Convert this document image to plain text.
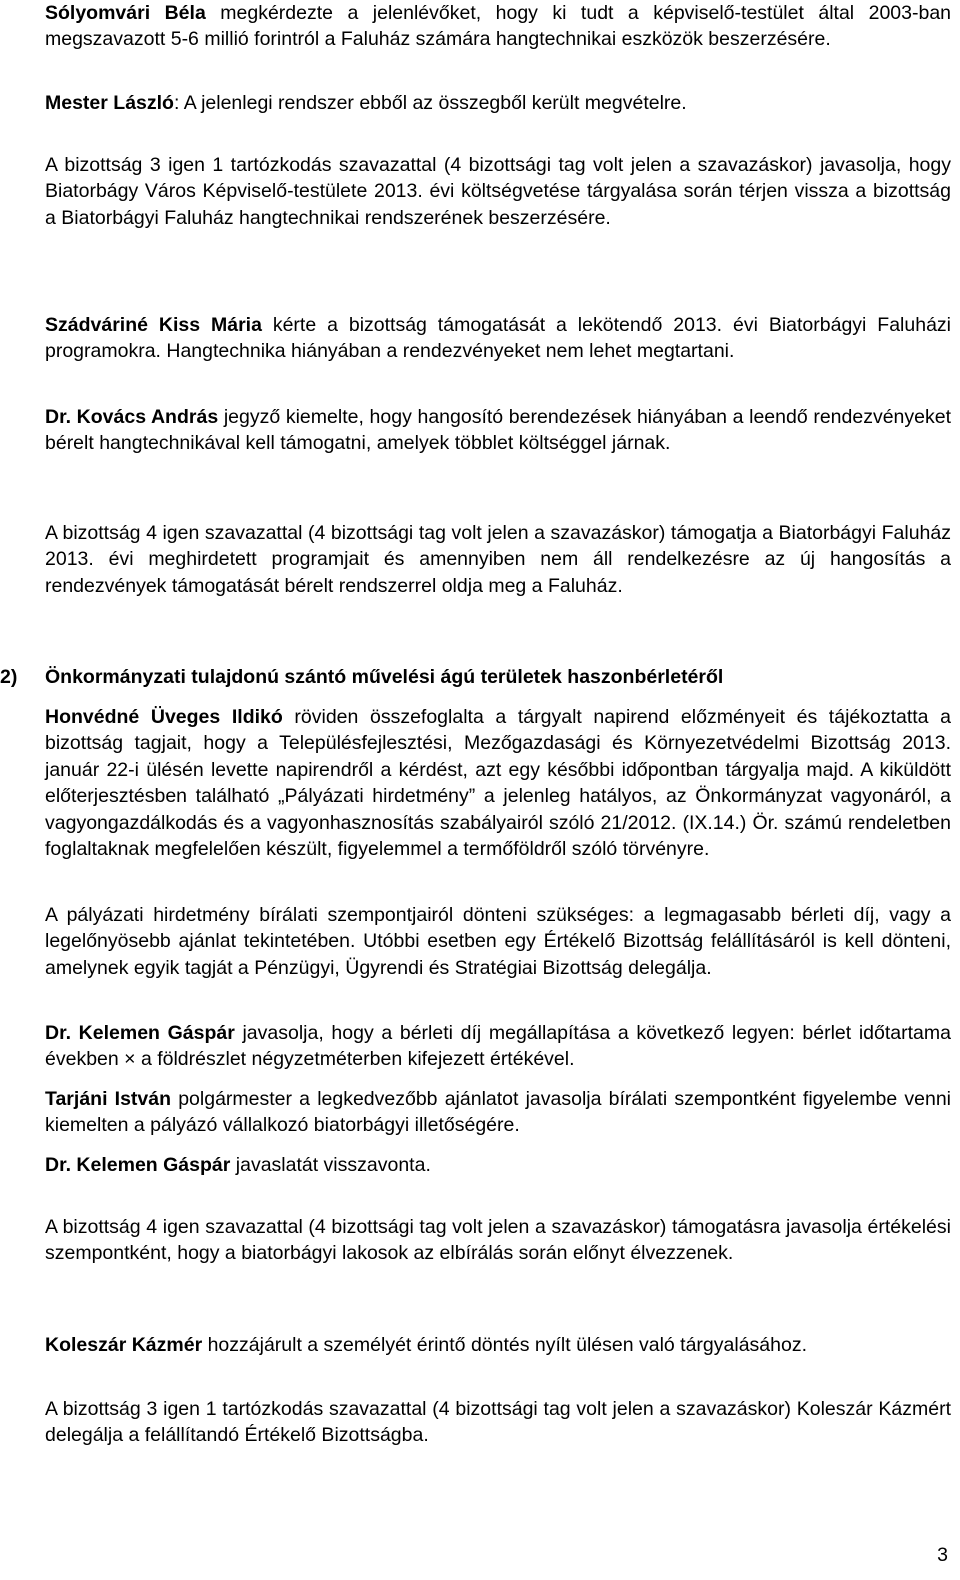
Sólyomvári Béla megkérdezte a jelenlévőket, hogy ki tudt a képviselő-testület által 2003-ban megszavazott 5-6 millió forintról a Faluház számára hangtechnikai eszközök beszerzésére.

Mester László: A jelenlegi rendszer ebből az összegből került megvételre.

A bizottság 3 igen 1 tartózkodás szavazattal (4 bizottsági tag volt jelen a szavazáskor) javasolja, hogy Biatorbágy Város Képviselő-testülete 2013. évi költségvetése tárgyalása során térjen vissza a bizottság a Biatorbágyi Faluház hangtechnikai rendszerének beszerzésére.

Szádváriné Kiss Mária kérte a bizottság támogatását a lekötendő 2013. évi Biatorbágyi Faluházi programokra. Hangtechnika hiányában a rendezvényeket nem lehet megtartani.

Dr. Kovács András jegyző kiemelte, hogy hangosító berendezések hiányában a leendő rendezvényeket bérelt hangtechnikával kell támogatni, amelyek többlet költséggel járnak.

A bizottság 4 igen szavazattal (4 bizottsági tag volt jelen a szavazáskor) támogatja a Biatorbágyi Faluház 2013. évi meghirdetett programjait és amennyiben nem áll rendelkezésre az új hangosítás a rendezvények támogatását bérelt rendszerrel oldja meg a Faluház.

2) Önkormányzati tulajdonú szántó művelési ágú területek haszonbérletéről

Honvédné Üveges Ildikó röviden összefoglalta a tárgyalt napirend előzményeit és tájékoztatta a bizottság tagjait, hogy a Településfejlesztési, Mezőgazdasági és Környezetvédelmi Bizottság 2013. január 22-i ülésén levette napirendről a kérdést, azt egy későbbi időpontban tárgyalja majd. A kiküldött előterjesztésben található „Pályázati hirdetmény” a jelenleg hatályos, az Önkormányzat vagyonáról, a vagyongazdálkodás és a vagyonhasznosítás szabályairól szóló 21/2012. (IX.14.) Ör. számú rendeletben foglaltaknak megfelelően készült, figyelemmel a termőföldről szóló törvényre.

A pályázati hirdetmény bírálati szempontjairól dönteni szükséges: a legmagasabb bérleti díj, vagy a legelőnyösebb ajánlat tekintetében. Utóbbi esetben egy Értékelő Bizottság felállításáról is kell dönteni, amelynek egyik tagját a Pénzügyi, Ügyrendi és Stratégiai Bizottság delegálja.

Dr. Kelemen Gáspár javasolja, hogy a bérleti díj megállapítása a következő legyen: bérlet időtartama években × a földrészlet négyzetméterben kifejezett értékével.

Tarjáni István polgármester a legkedvezőbb ajánlatot javasolja bírálati szempontként figyelembe venni kiemelten a pályázó vállalkozó biatorbágyi illetőségére.

Dr. Kelemen Gáspár javaslatát visszavonta.

A bizottság 4 igen szavazattal (4 bizottsági tag volt jelen a szavazáskor) támogatásra javasolja értékelési szempontként, hogy a biatorbágyi lakosok az elbírálás során előnyt élvezzenek.

Koleszár Kázmér hozzájárult a személyét érintő döntés nyílt ülésen való tárgyalásához.

A bizottság 3 igen 1 tartózkodás szavazattal (4 bizottsági tag volt jelen a szavazáskor) Koleszár Kázmért delegálja a felállítandó Értékelő Bizottságba.

3
